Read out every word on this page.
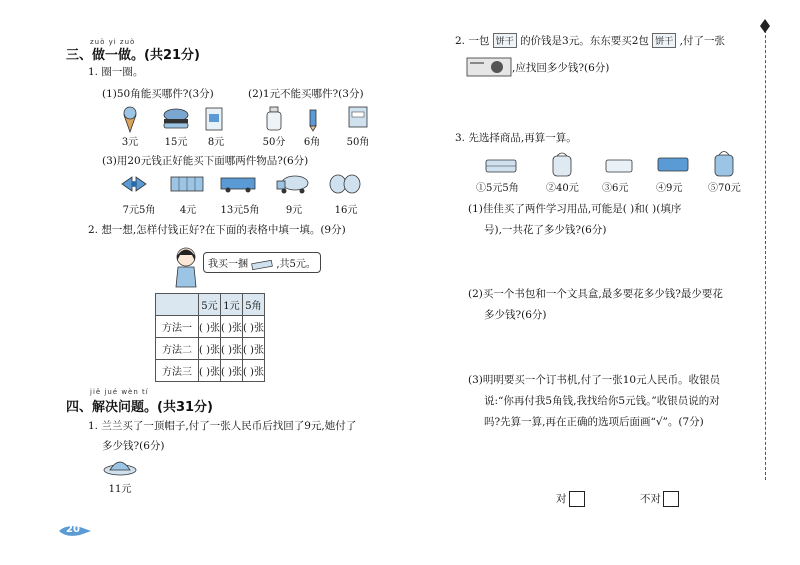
zuò yi zuò
三、做一做。(共21分)
1. 圈一圈。
(1)50角能买哪件?(3分)	(2)1元不能买哪件?(3分)
3元	15元	8元	50分	6角	50角
(3)用20元钱正好能买下面哪两件物品?(6分)
7元5角	4元	13元5角	9元	16元
2. 想一想,怎样付钱正好?在下面的表格中填一填。(9分)
我买一捆	,共5元。
	5元	1元	5角
方法一	( )张	( )张	( )张
方法二	( )张	( )张	( )张
方法三	( )张	( )张	( )张
jiě jué wèn tí
四、解决问题。(共31分)
1. 兰兰买了一顶帽子,付了一张人民币后找回了9元,她付了
多少钱?(6分)
11元
20
2. 一包 饼干 的价钱是3元。东东要买2包 饼干 ,付了一张
,应找回多少钱?(6分)
3. 先选择商品,再算一算。
①5元5角	②40元 ③6元	④9元	⑤70元
(1)佳佳买了两件学习用品,可能是( )和( )(填序
号),一共花了多少钱?(6分)
(2)买一个书包和一个文具盒,最多要花多少钱?最少要花
多少钱?(6分)
(3)明明要买一个订书机,付了一张10元人民币。收银员
说:“你再付我5角钱,我找给你5元钱。”收银员说的对
吗?先算一算,再在正确的选项后面画“√”。(7分)
对	不对
